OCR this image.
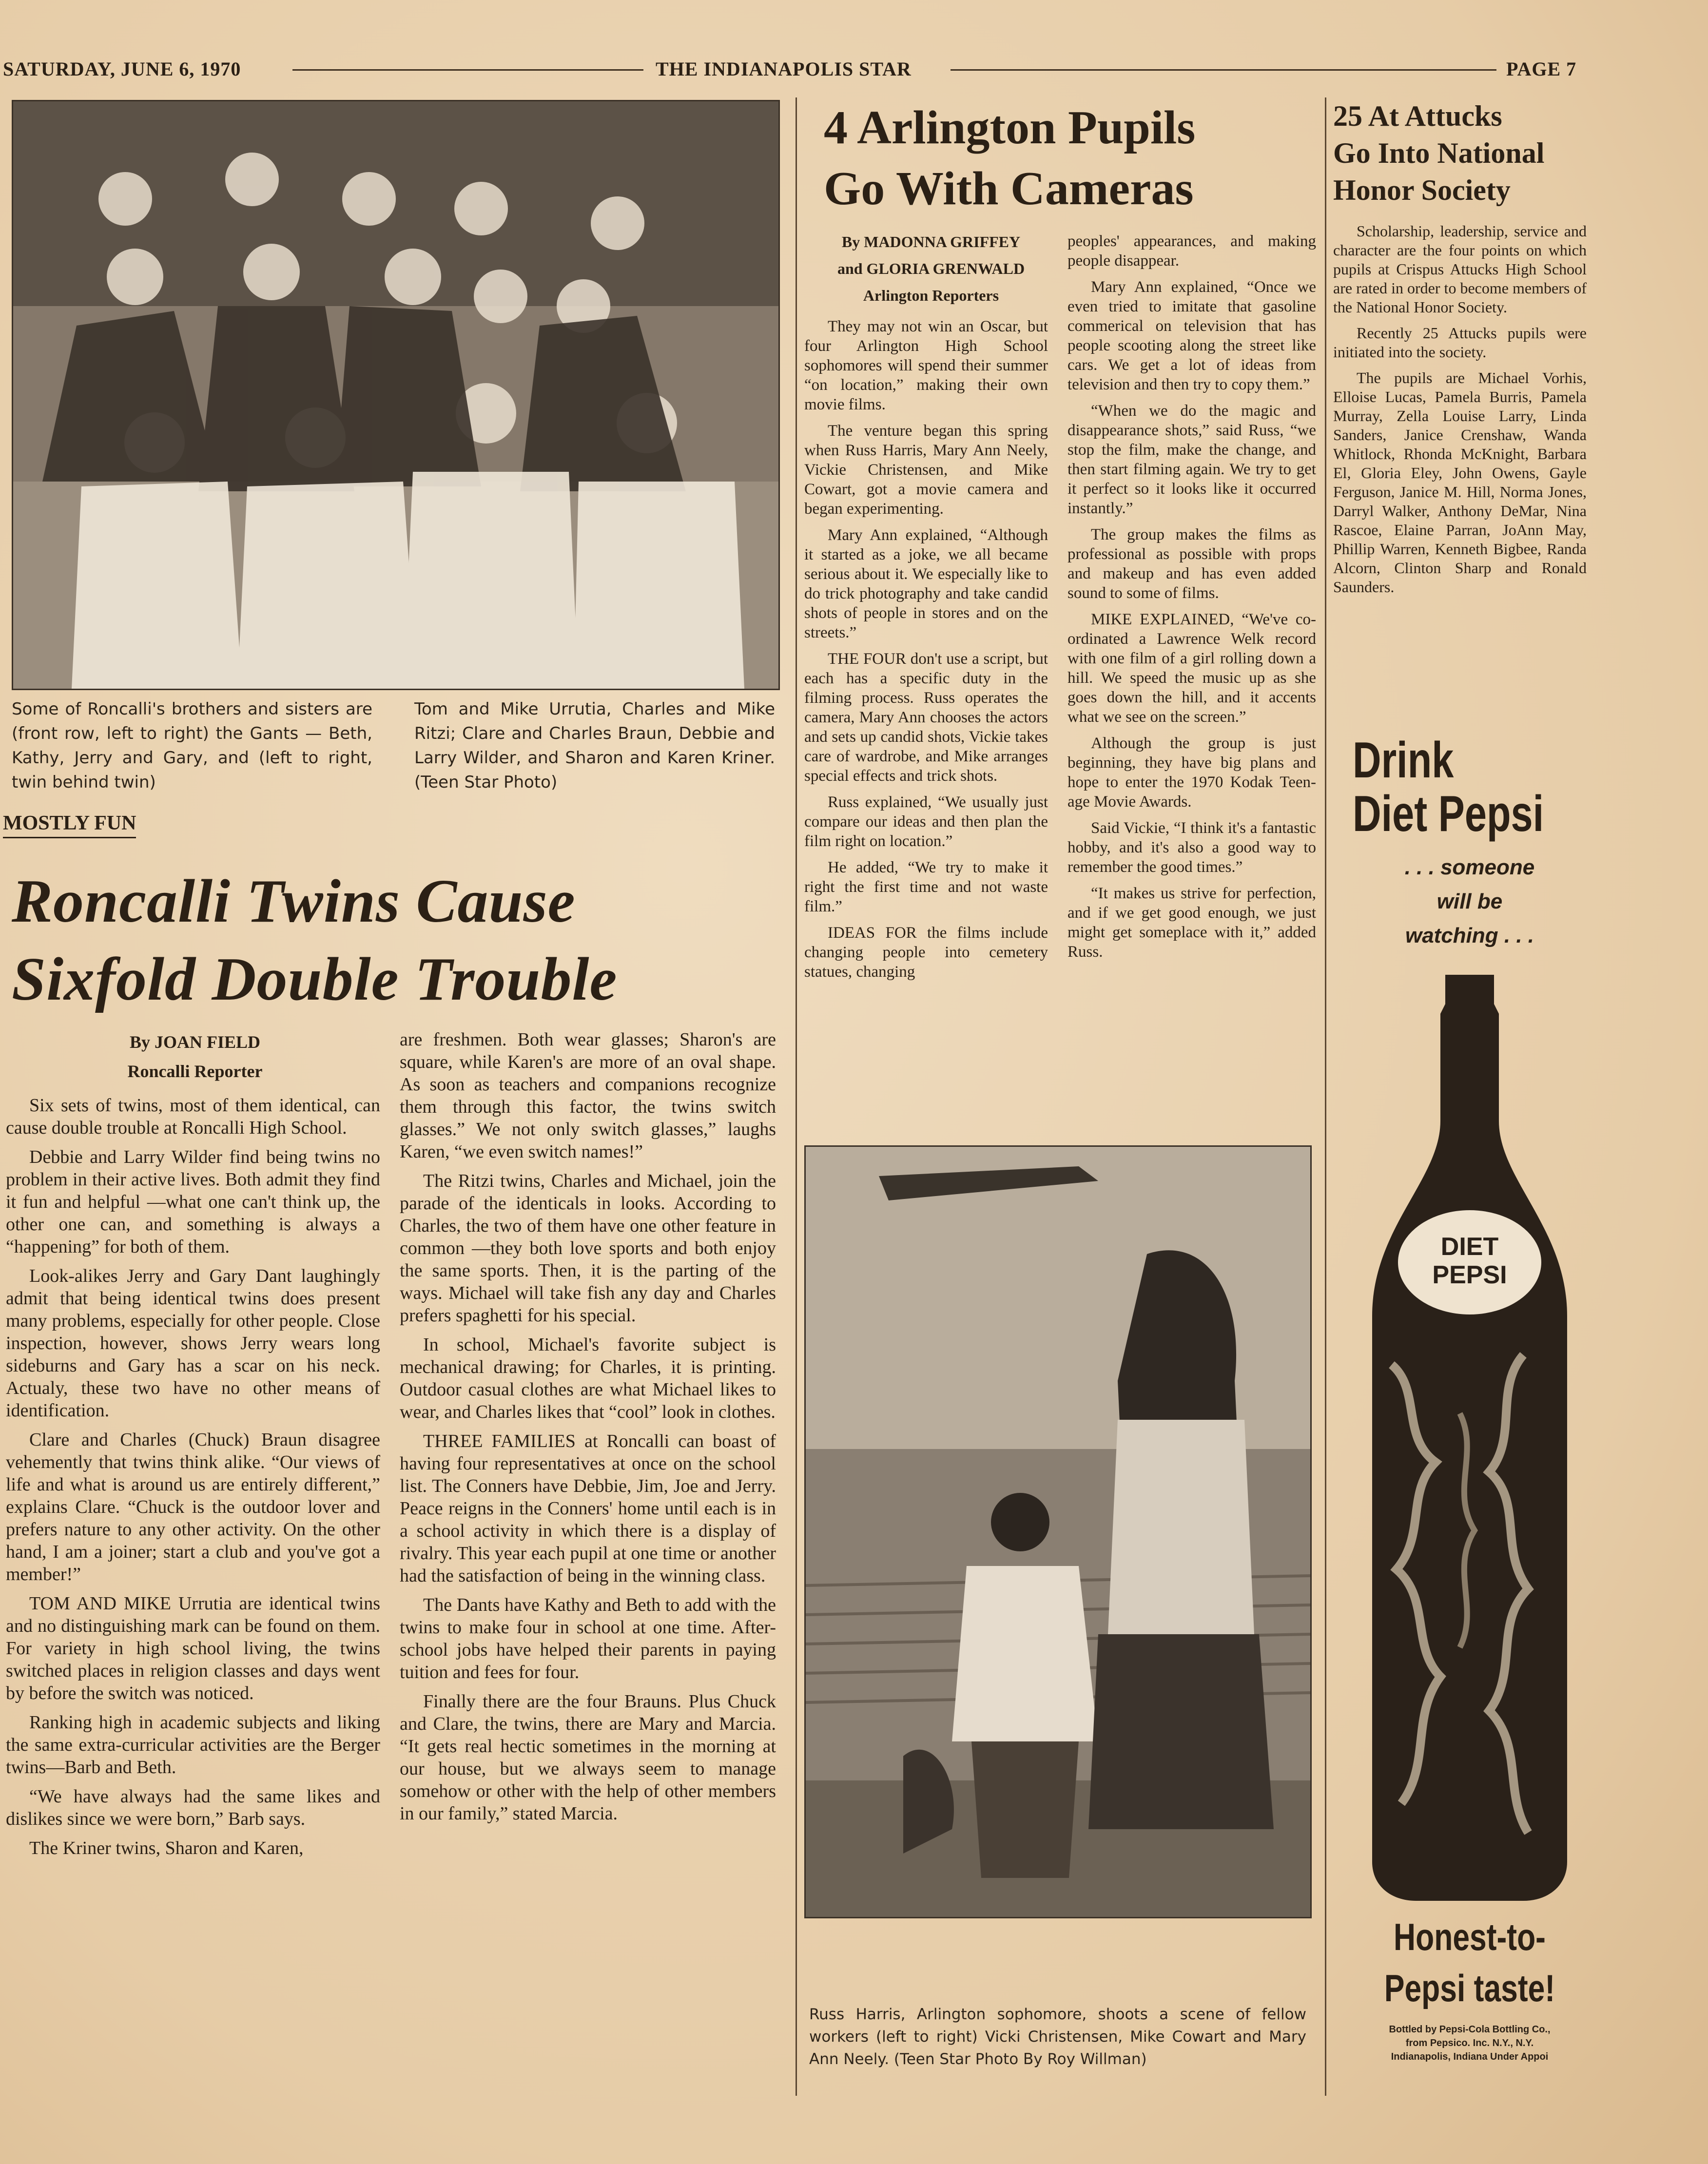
SATURDAY, JUNE 6, 1970	THE INDIANAPOLIS STAR	PAGE 7
Some of Roncalli's brothers and sisters are (front row, left to right) the Gants — Beth, Kathy, Jerry and Gary, and (left to right, twin behind twin)
Tom and Mike Urrutia, Charles and Mike Ritzi; Clare and Charles Braun, Debbie and Larry Wilder, and Sharon and Karen Kriner. (Teen Star Photo)
MOSTLY FUN
Roncalli Twins Cause
Sixfold Double Trouble
By JOAN FIELD
Roncalli Reporter

Six sets of twins, most of them identical, can cause double trouble at Roncalli High School.

Debbie and Larry Wilder find being twins no problem in their active lives. Both admit they find it fun and helpful —what one can't think up, the other one can, and something is always a “happening” for both of them.

Look-alikes Jerry and Gary Dant laughingly admit that being identical twins does present many problems, especially for other people. Close inspection, however, shows Jerry wears long sideburns and Gary has a scar on his neck. Actualy, these two have no other means of identification.

Clare and Charles (Chuck) Braun disagree vehemently that twins think alike. “Our views of life and what is around us are entirely different,” explains Clare. “Chuck is the outdoor lover and prefers nature to any other activity. On the other hand, I am a joiner; start a club and you've got a member!”

TOM AND MIKE Urrutia are identical twins and no distinguishing mark can be found on them. For variety in high school living, the twins switched places in religion classes and days went by before the switch was noticed.

Ranking high in academic subjects and liking the same extra-curricular activities are the Berger twins—Barb and Beth.

“We have always had the same likes and dislikes since we were born,” Barb says.

The Kriner twins, Sharon and Karen,

are freshmen. Both wear glasses; Sharon's are square, while Karen's are more of an oval shape. As soon as teachers and companions recognize them through this factor, the twins switch glasses.” We not only switch glasses,” laughs Karen, “we even switch names!”

The Ritzi twins, Charles and Michael, join the parade of the identicals in looks. According to Charles, the two of them have one other feature in common —they both love sports and both enjoy the same sports. Then, it is the parting of the ways. Michael will take fish any day and Charles prefers spaghetti for his special.

In school, Michael's favorite subject is mechanical drawing; for Charles, it is printing. Outdoor casual clothes are what Michael likes to wear, and Charles likes that “cool” look in clothes.

THREE FAMILIES at Roncalli can boast of having four representatives at once on the school list. The Conners have Debbie, Jim, Joe and Jerry. Peace reigns in the Conners' home until each is in a school activity in which there is a display of rivalry. This year each pupil at one time or another had the satisfaction of being in the winning class.

The Dants have Kathy and Beth to add with the twins to make four in school at one time. After-school jobs have helped their parents in paying tuition and fees for four.

Finally there are the four Brauns. Plus Chuck and Clare, the twins, there are Mary and Marcia. “It gets real hectic sometimes in the morning at our house, but we always seem to manage somehow or other with the help of other members in our family,” stated Marcia.

4 Arlington Pupils
Go With Cameras
By MADONNA GRIFFEY
and GLORIA GRENWALD
Arlington Reporters

They may not win an Oscar, but four Arlington High School sophomores will spend their summer “on location,” making their own movie films.

The venture began this spring when Russ Harris, Mary Ann Neely, Vickie Christensen, and Mike Cowart, got a movie camera and began experimenting.

Mary Ann explained, “Although it started as a joke, we all became serious about it. We especially like to do trick photography and take candid shots of people in stores and on the streets.”

THE FOUR don't use a script, but each has a specific duty in the filming process. Russ operates the camera, Mary Ann chooses the actors and sets up candid shots, Vickie takes care of wardrobe, and Mike arranges special effects and trick shots.

Russ explained, “We usually just compare our ideas and then plan the film right on location.”

He added, “We try to make it right the first time and not waste film.”

IDEAS FOR the films include changing people into cemetery statues, changing

peoples' appearances, and making people disappear.

Mary Ann explained, “Once we even tried to imitate that gasoline commerical on television that has people scooting along the street like cars. We get a lot of ideas from television and then try to copy them.”

“When we do the magic and disappearance shots,” said Russ, “we stop the film, make the change, and then start filming again. We try to get it perfect so it looks like it occurred instantly.”

The group makes the films as professional as possible with props and makeup and has even added sound to some of films.

MIKE EXPLAINED, “We've co-ordinated a Lawrence Welk record with one film of a girl rolling down a hill. We speed the music up as she goes down the hill, and it accents what we see on the screen.”

Although the group is just beginning, they have big plans and hope to enter the 1970 Kodak Teen-age Movie Awards.

Said Vickie, “I think it's a fantastic hobby, and it's also a good way to remember the good times.”

“It makes us strive for perfection, and if we get good enough, we just might get someplace with it,” added Russ.

Russ Harris, Arlington sophomore, shoots a scene of fellow workers (left to right) Vicki Christensen, Mike Cowart and Mary Ann Neely. (Teen Star Photo By Roy Willman)
25 At Attucks
Go Into National
Honor Society

Scholarship, leadership, service and character are the four points on which pupils at Crispus Attucks High School are rated in order to become members of the National Honor Society.

Recently 25 Attucks pupils were initiated into the society.

The pupils are Michael Vorhis, Elloise Lucas, Pamela Burris, Pamela Murray, Zella Louise Larry, Linda Sanders, Janice Crenshaw, Wanda Whitlock, Rhonda McKnight, Barbara El, Gloria Eley, John Owens, Gayle Ferguson, Janice M. Hill, Norma Jones, Darryl Walker, Anthony DeMar, Nina Rascoe, Elaine Parran, JoAnn May, Phillip Warren, Kenneth Bigbee, Randa Alcorn, Clinton Sharp and Ronald Saunders.

Drink
Diet Pepsi
. . . someone
will be
watching . . .
DIET
PEPSI
Honest-to-
Pepsi taste!
Bottled by Pepsi-Cola Bottling Co.,
from Pepsico. Inc. N.Y., N.Y.
Indianapolis, Indiana Under Appoi
